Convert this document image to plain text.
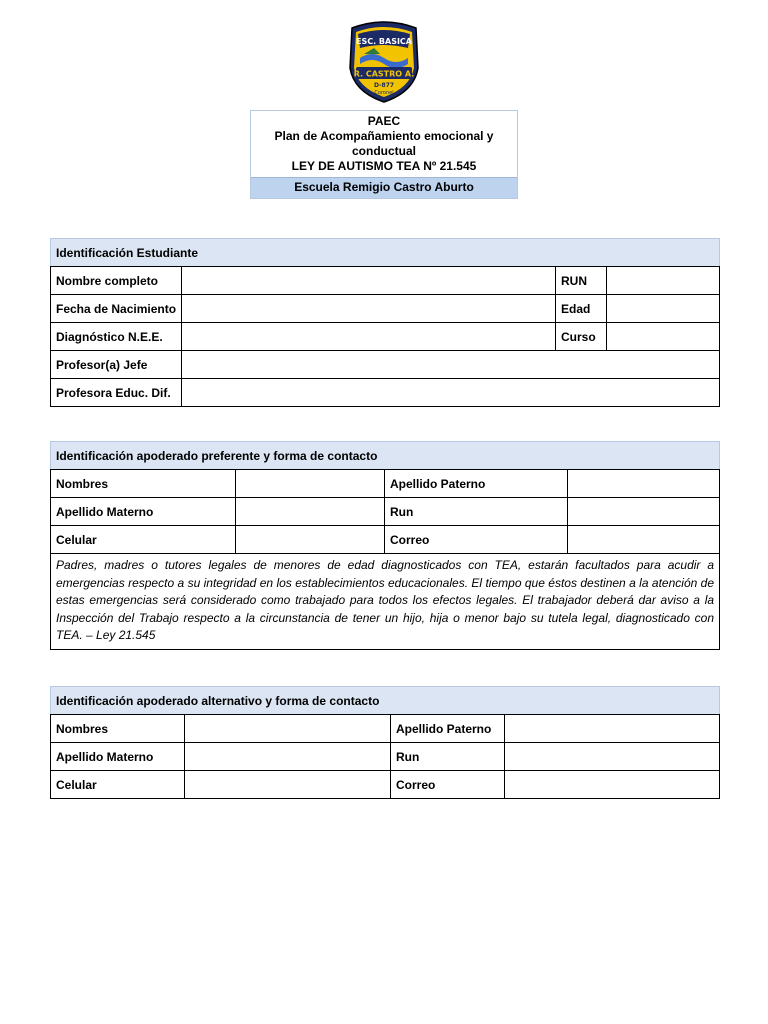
ESC. BASICA
R. CASTRO A.
D-877
Coronel
PAEC
Plan de Acompañamiento emocional y
conductual
LEY DE AUTISMO TEA Nº 21.545
Escuela Remigio Castro Aburto
Identificación Estudiante			
Nombre completo		RUN	
Fecha de Nacimiento		Edad	
Diagnóstico N.E.E.		Curso	
Profesor(a) Jefe			
Profesora Educ. Dif.			
Identificación apoderado preferente y forma de contacto			
Nombres		Apellido Paterno	
Apellido Materno		Run	
Celular		Correo	
Padres, madres o tutores legales de menores de edad diagnosticados con TEA, estarán facultados para acudir a emergencias respecto a su integridad en los establecimientos educacionales. El tiempo que éstos destinen a la atención de estas emergencias será considerado como trabajado para todos los efectos legales. El trabajador deberá dar aviso a la Inspección del Trabajo respecto a la circunstancia de tener un hijo, hija o menor bajo su tutela legal, diagnosticado con TEA. – Ley 21.545			
Identificación apoderado alternativo y forma de contacto			
Nombres		Apellido Paterno	
Apellido Materno		Run	
Celular		Correo	
